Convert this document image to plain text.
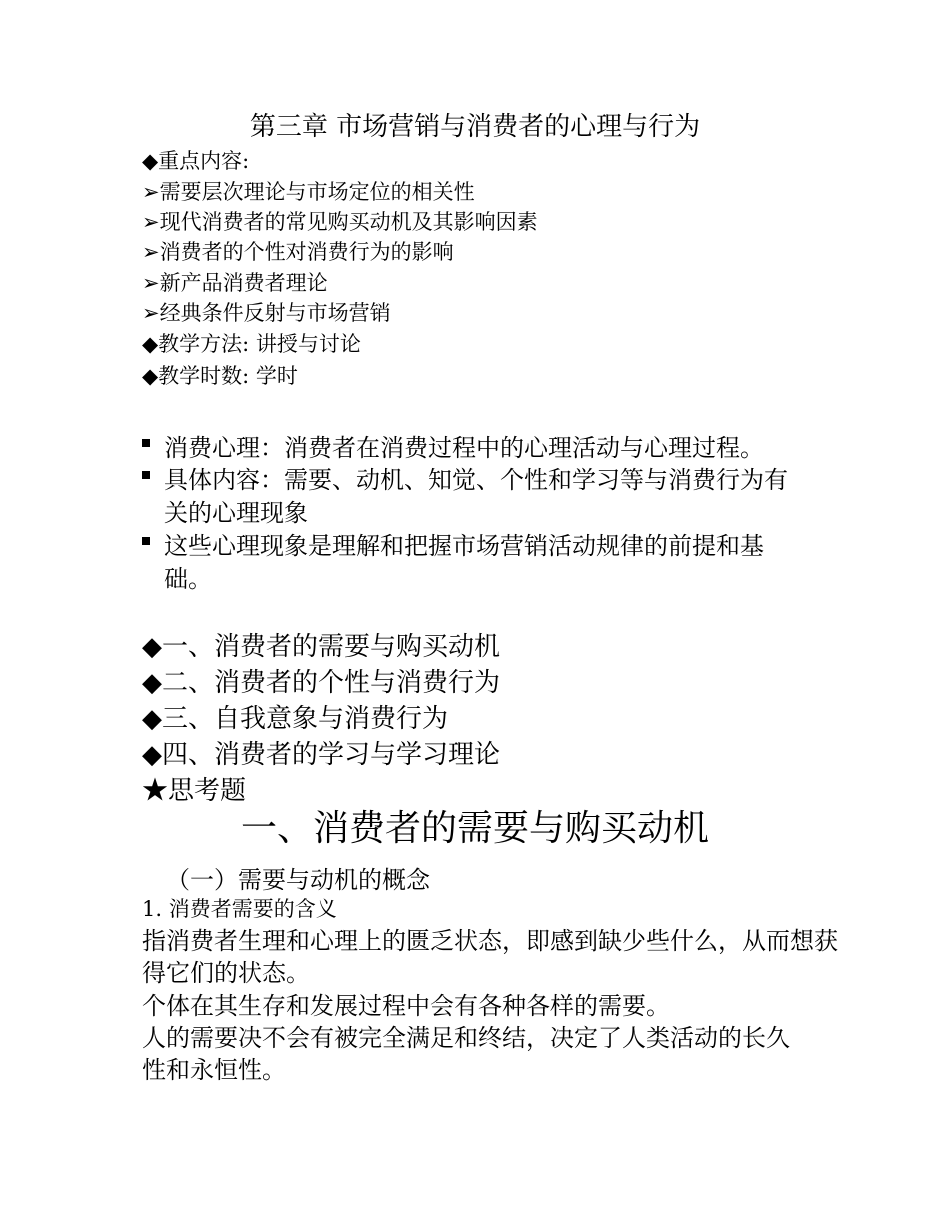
第三章 市场营销与消费者的心理与行为
◆重点内容:
➢需要层次理论与市场定位的相关性
➢现代消费者的常见购买动机及其影响因素
➢消费者的个性对消费行为的影响
➢新产品消费者理论
➢经典条件反射与市场营销
◆教学方法: 讲授与讨论
◆教学时数: 学时
消费心理：消费者在消费过程中的心理活动与心理过程。
具体内容：需要、动机、知觉、个性和学习等与消费行为有
关的心理现象
这些心理现象是理解和把握市场营销活动规律的前提和基
础。
◆一、消费者的需要与购买动机
◆二、消费者的个性与消费行为
◆三、自我意象与消费行为
◆四、消费者的学习与学习理论
★思考题
一、消费者的需要与购买动机
（一）需要与动机的概念
1. 消费者需要的含义
指消费者生理和心理上的匮乏状态，即感到缺少些什么，从而想获
得它们的状态。
个体在其生存和发展过程中会有各种各样的需要。
人的需要决不会有被完全满足和终结，决定了人类活动的长久
性和永恒性。
